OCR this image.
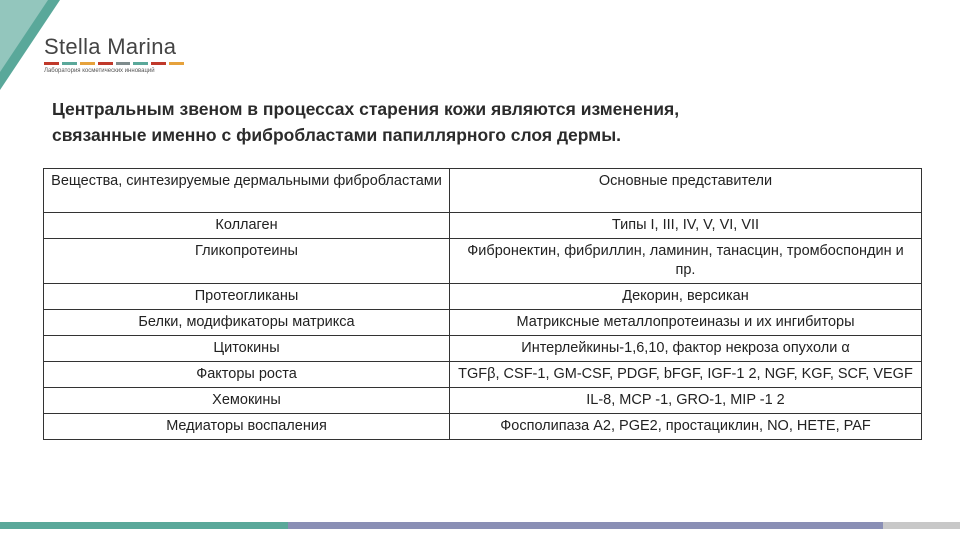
Stella Marina
Лаборатория косметических инноваций
Центральным звеном в процессах старения кожи являются изменения,
связанные именно с фибробластами папиллярного слоя дермы.
Вещества, синтезируемые дермальными фибробластами	Основные представители
Коллаген	Типы I, III, IV, V, VI, VII
Гликопротеины	Фибронектин, фибриллин, ламинин, танасцин, тромбоспондин и пр.
Протеогликаны	Декорин, версикан
Белки, модификаторы матрикса	Матриксные металлопротеиназы и их ингибиторы
Цитокины	Интерлейкины-1,6,10, фактор некроза опухоли α
Факторы роста	TGFβ, CSF-1, GM-CSF, PDGF, bFGF, IGF-1 2, NGF, KGF, SCF, VEGF
Хемокины	IL-8, MCP -1, GRO-1, MIP -1 2
Медиаторы воспаления	Фосполипаза А2, PGE2, простациклин, NO, HETE, PAF
